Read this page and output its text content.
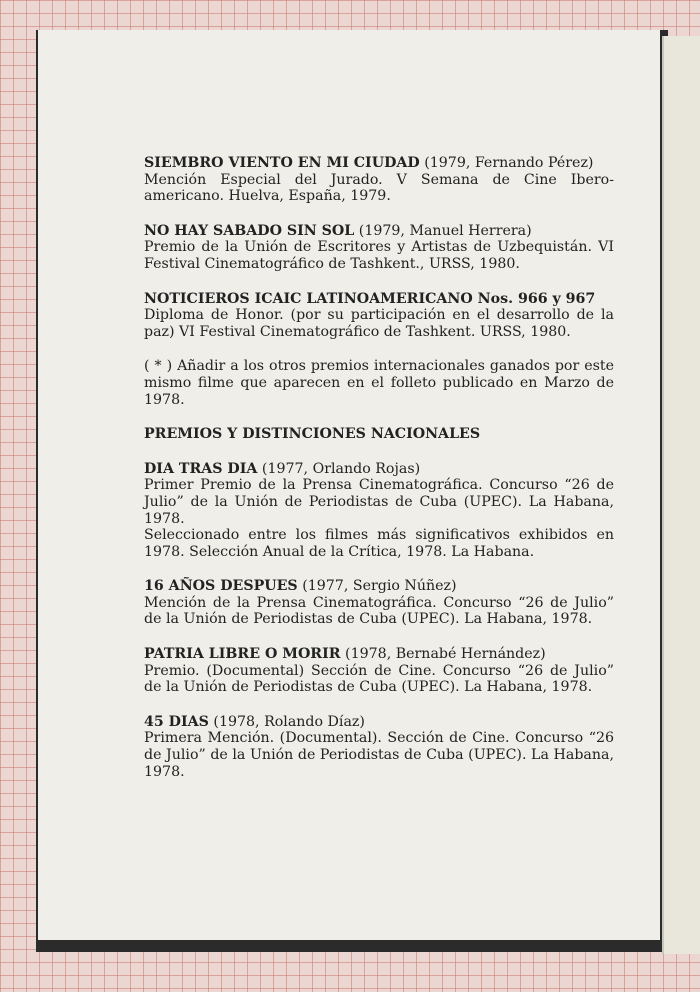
SIEMBRO VIENTO EN MI CIUDAD (1979, Fernando Pérez)
Mención Especial del Jurado. V Semana de Cine Ibero-americano. Huelva, España, 1979.
NO HAY SABADO SIN SOL (1979, Manuel Herrera)
Premio de la Unión de Escritores y Artistas de Uzbequistán. VI Festival Cinematográfico de Tashkent., URSS, 1980.
NOTICIEROS ICAIC LATINOAMERICANO Nos. 966 y 967
Diploma de Honor. (por su participación en el desarrollo de la paz) VI Festival Cinematográfico de Tashkent. URSS, 1980.

( * ) Añadir a los otros premios internacionales ganados por este mismo filme que aparecen en el folleto publicado en Marzo de 1978.

PREMIOS Y DISTINCIONES NACIONALES

DIA TRAS DIA (1977, Orlando Rojas)
Primer Premio de la Prensa Cinematográfica. Concurso “26 de Julio” de la Unión de Periodistas de Cuba (UPEC). La Habana, 1978.
Seleccionado entre los filmes más significativos exhibidos en 1978. Selección Anual de la Crítica, 1978. La Habana.
16 AÑOS DESPUES (1977, Sergio Núñez)
Mención de la Prensa Cinematográfica. Concurso “26 de Julio” de la Unión de Periodistas de Cuba (UPEC). La Habana, 1978.
PATRIA LIBRE O MORIR (1978, Bernabé Hernández)
Premio. (Documental) Sección de Cine. Concurso “26 de Julio” de la Unión de Periodistas de Cuba (UPEC). La Habana, 1978.
45 DIAS (1978, Rolando Díaz)
Primera Mención. (Documental). Sección de Cine. Concurso “26 de Julio” de la Unión de Periodistas de Cuba (UPEC). La Habana, 1978.
